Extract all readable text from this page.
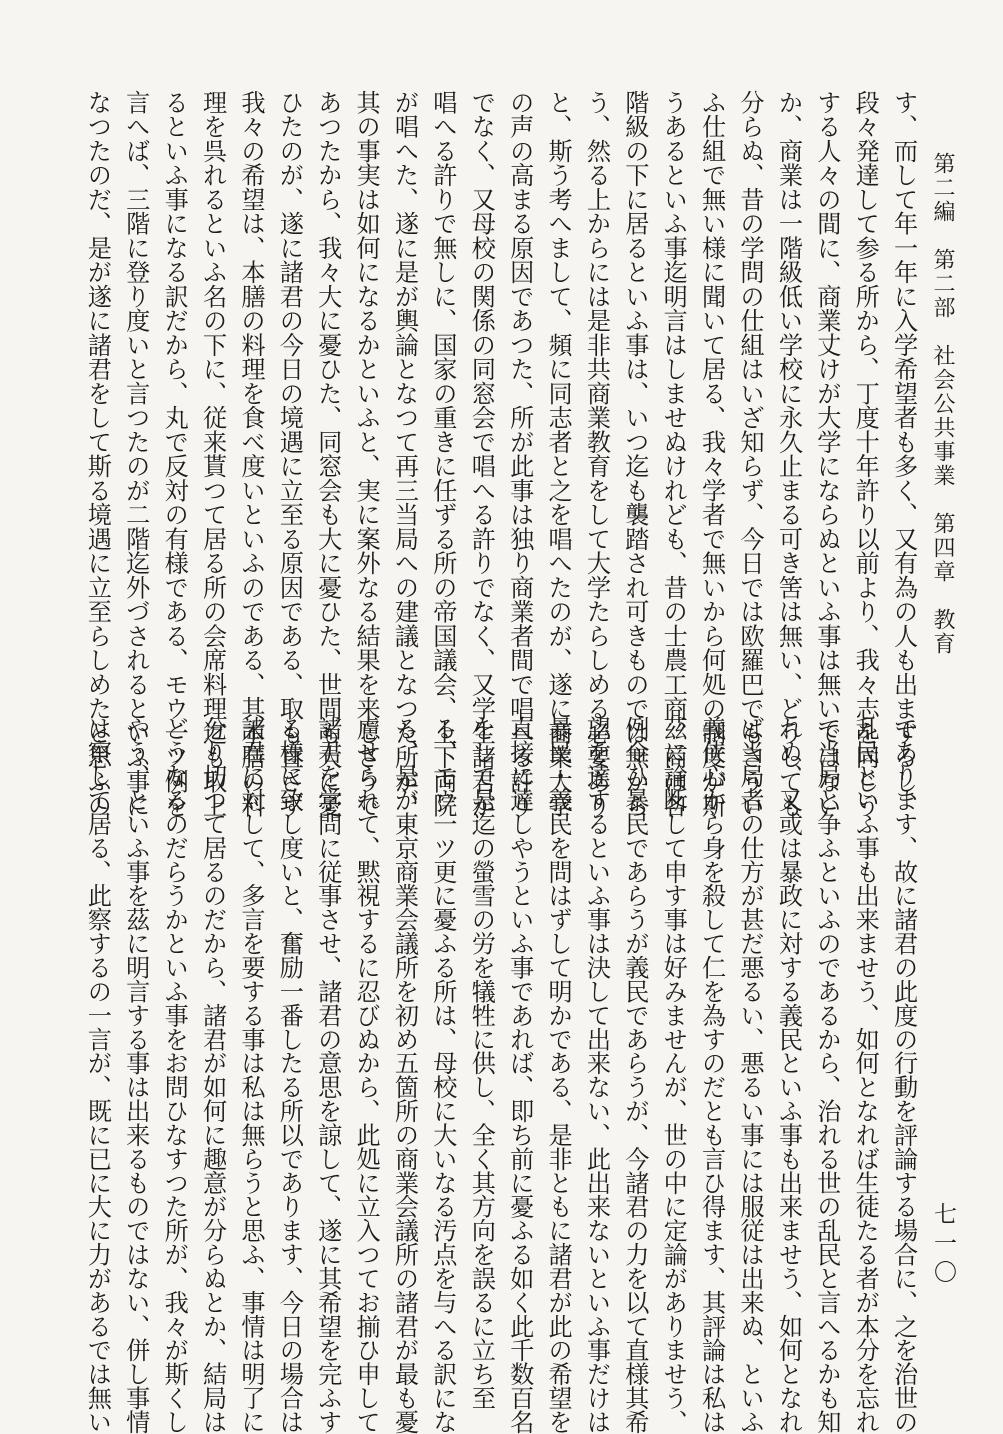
第二編　第二部　社会公共事業　第四章　教育
七一〇
す、而して年一年に入学希望者も多く、又有為の人も出まするし、
段々発達して参る所から、丁度十年許り以前より、我々志を同じう
する人々の間に、商業丈けが大学にならぬといふ事は無いではない
か、商業は一階級低い学校に永久止まる可き筈は無い、どうしても
分らぬ、昔の学問の仕組はいざ知らず、今日では欧羅巴でもさうい
ふ仕組で無い様に聞いて居る、我々学者で無いから何処の制度が斯
うあるといふ事迄明言はしませぬけれども、昔の士農工商、商は各
階級の下に居るといふ事は、いつ迄も襲踏され可きものでは無から
う、然る上からには是非共商業教育をして大学たらしめる必要あり
と、斯う考へまして、頻に同志者と之を唱へたのが、遂に商業大学
の声の高まる原因であつた、所が此事は独り商業者間で唱へる許り
でなく、又母校の関係の同窓会で唱へる許りでなく、又学生諸君が
唱へる許りで無しに、国家の重きに任ずる所の帝国議会、上下両院
が唱へた、遂に是が輿論となつて再三当局への建議となつた所が、
其の事実は如何になるかといふと、実に案外なる結果を来しさうで
あつたから、我々大に憂ひた、同窓会も大に憂ひた、世間も大に憂
ひたのが、遂に諸君の今日の境遇に立至る原因である、取も直さず
我々の希望は、本膳の料理を食べ度いといふのである、其本膳の料
理を呉れるといふ名の下に、従来貰つて居る所の会席料理迄も取上
るといふ事になる訳だから、丸で反対の有様である、モウ一ツ例を
言へば、三階に登り度いと言つたのが二階迄外づされるといふ事に
なつたのだ、是が遂に諸君をして斯る境遇に立至らしめたと思ふの
であります、故に諸君の此度の行動を評論する場合に、之を治世の
乱民といふ事も出来ませう、如何となれば生徒たる者が本分を忘れ
て当局と争ふといふのであるから、治れる世の乱民と言へるかも知
れぬ、又或は暴政に対する義民といふ事も出来ませう、如何となれ
ば当局者の仕方が甚だ悪るい、悪るい事には服従は出来ぬ、といふ
義侠心から身を殺して仁を為すのだとも言ひ得ます、其評論は私は
茲に論断して申す事は好みませんが、世の中に定論がありませう、
例令ひ暴民であらうが義民であらうが、今諸君の力を以て直様其希
望を達するといふ事は決して出来ない、此出来ないといふ事だけは
暴民・義民を問はずして明かである、是非ともに諸君が此の希望を
直接に達しやうといふ事であれば、即ち前に憂ふる如く此千数百名
をして是迄の螢雪の労を犠牲に供し、全く其方向を誤るに立ち至
る、モウ一ツ更に憂ふる所は、母校に大いなる汚点を与へる訳にな
る、是が東京商業会議所を初め五箇所の商業会議所の諸君が最も憂
慮せられて、黙視するに忍びぬから、此処に立入つてお揃ひ申して
諸君を学問に従事させ、諸君の意思を諒して、遂に其希望を完ふす
る様に致し度いと、奮励一番したる所以であります、今日の場合は
諸君に対して、多言を要する事は私は無らうと思ふ、事情は明了に
分り切つて居るのだから、諸君が如何に趣意が分らぬとか、結局は
どうなるのだらうかといふ事をお問ひなすつた所が、我々が斯くし
やう、といふ事を茲に明言する事は出来るものではない、併し事情
は察して居る、此察するの一言が、既に已に大に力があるでは無い
